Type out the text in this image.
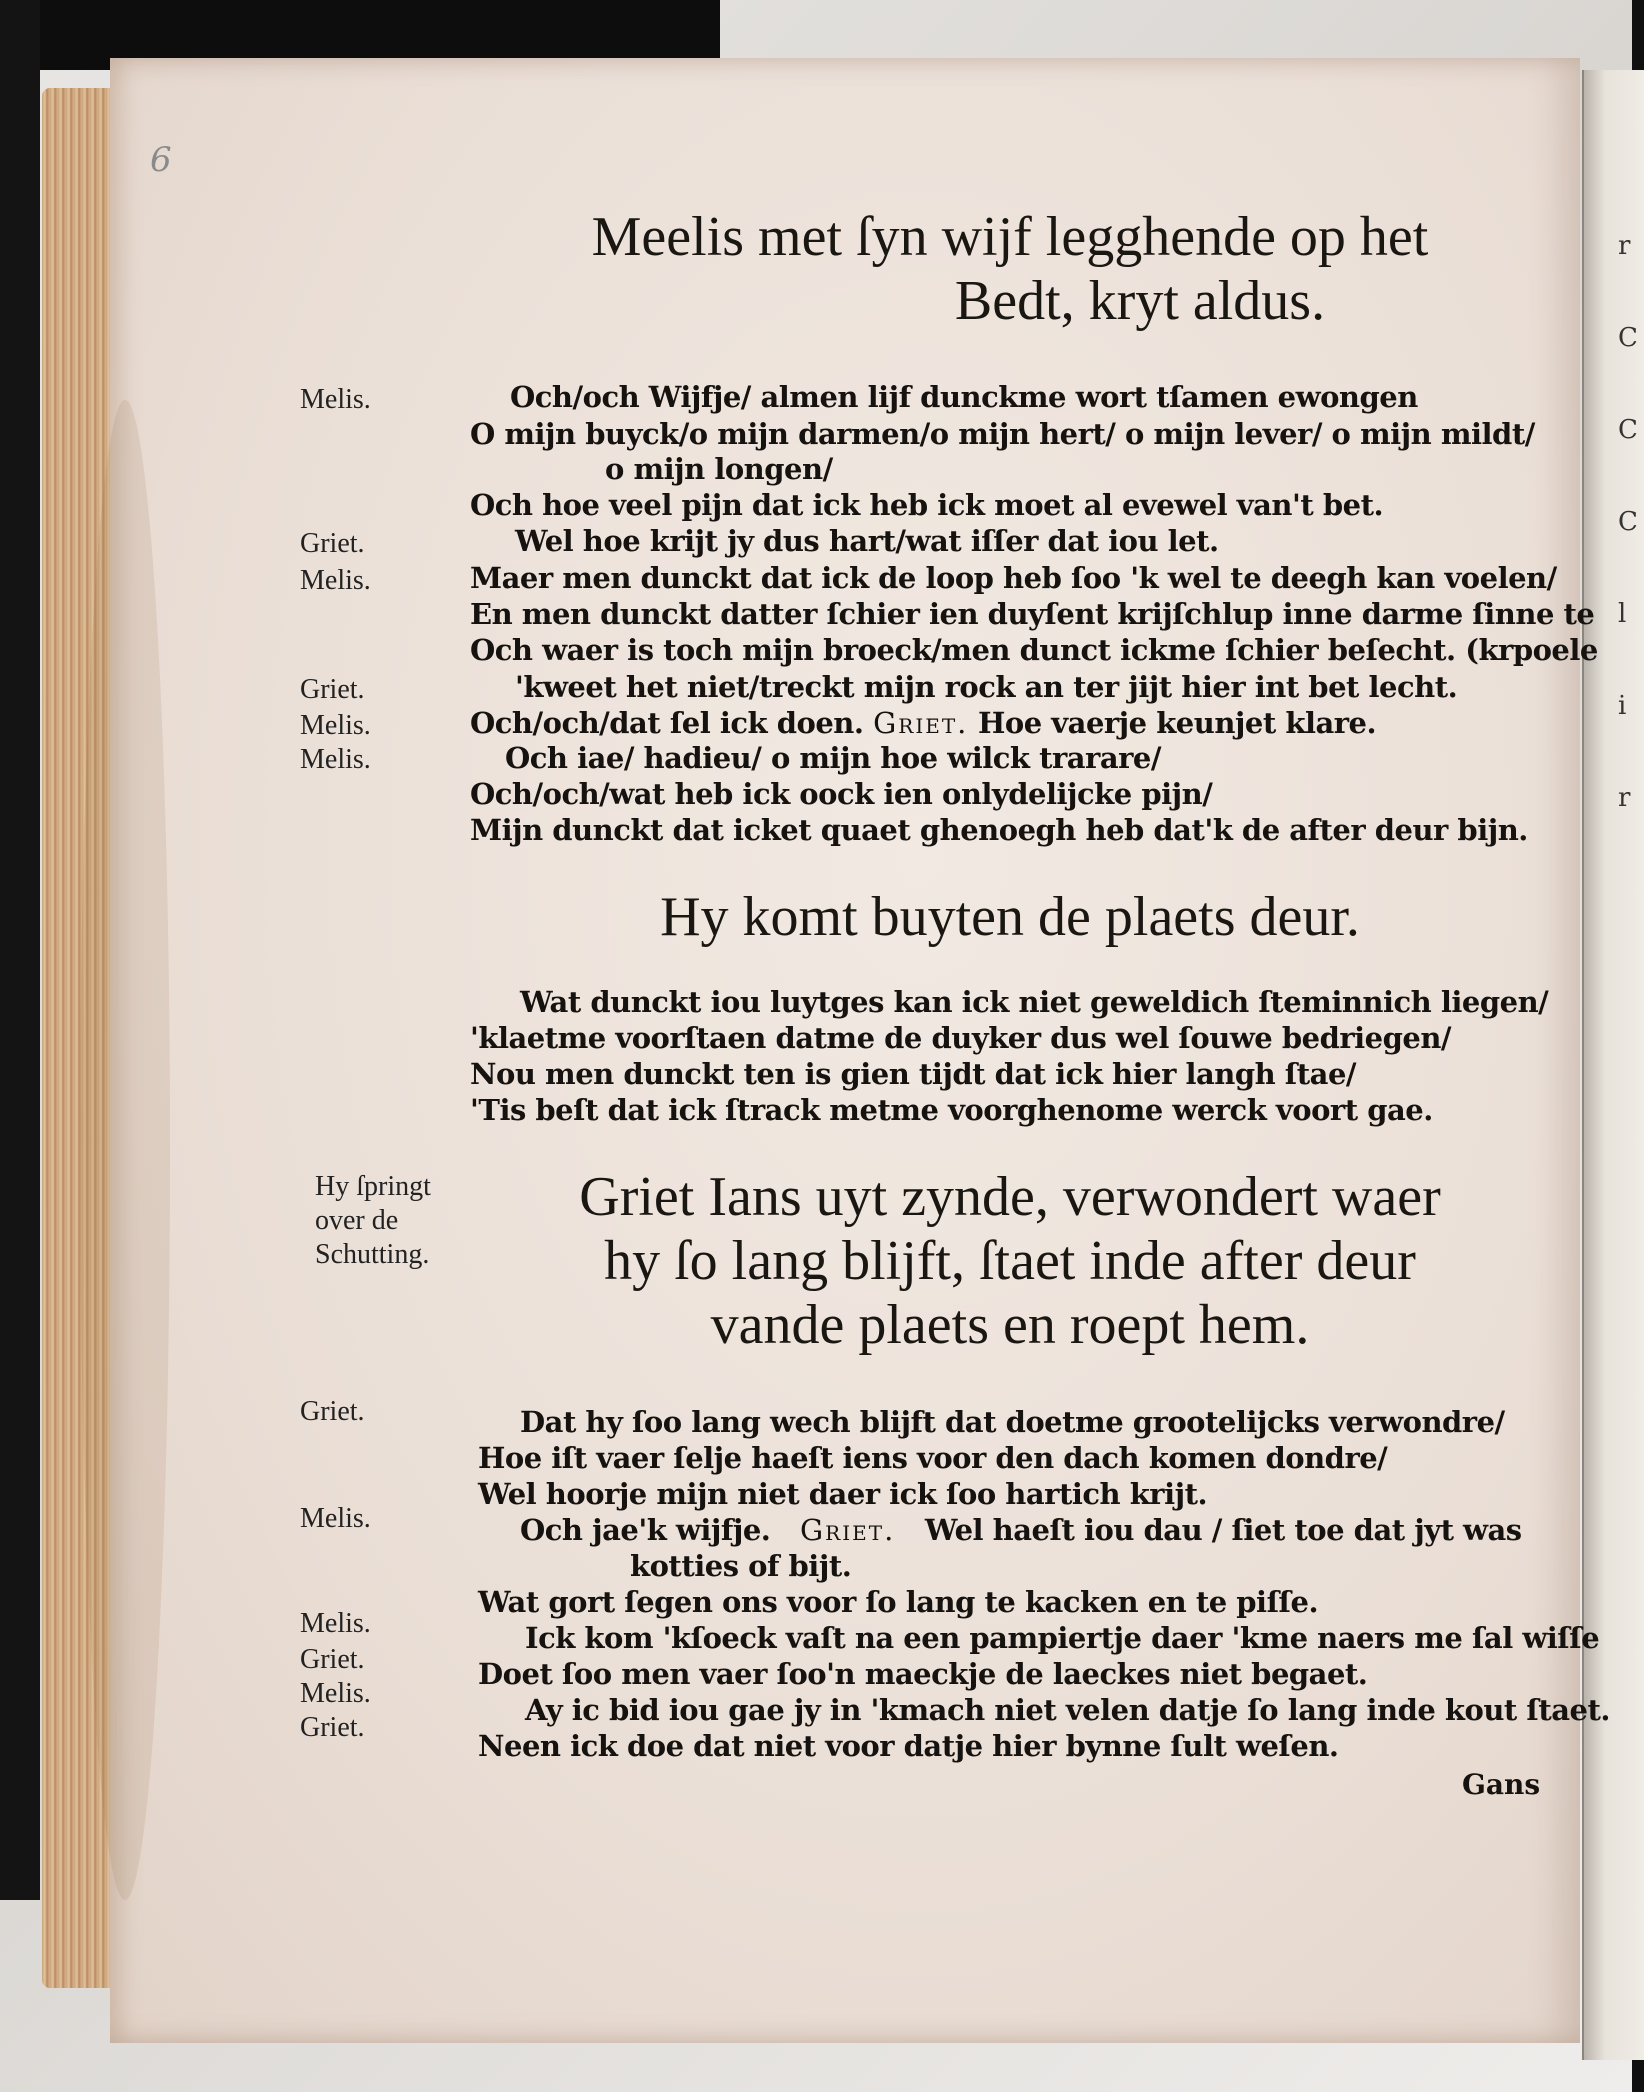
r
C
C
C
l
i
r
6
Meelis met ſyn wijf legghende op het
Bedt, kryt aldus.
Melis.	Och/och Wijfje/ almen lijf dunckme wort tſamen ewongen
O mijn buyck/o mijn darmen/o mijn hert/ o mijn lever/ o mijn mildt/
o mijn longen/
Och hoe veel pijn dat ick heb ick moet al evewel van't bet.
Griet.	Wel hoe krijt jy dus hart/wat iſſer dat iou let.
Melis.	Maer men dunckt dat ick de loop heb ſoo 'k wel te deegh kan voelen/
En men dunckt datter ſchier ien duyſent krijſchlup inne darme ſinne te
Och waer is toch mijn broeck/men dunct ickme ſchier beſecht. (krpoele
Griet.	'kweet het niet/treckt mijn rock an ter jijt hier int bet lecht.
Melis.	Och/och/dat ſel ick doen. Griet. Hoe vaerje keunjet klare.
Melis.	Och iae/ hadieu/ o mijn hoe wilck trarare/
Och/och/wat heb ick oock ien onlydelijcke pijn/
Mijn dunckt dat icket quaet ghenoegh heb dat'k de after deur bijn.
Hy komt buyten de plaets deur.
Wat dunckt iou luytges kan ick niet geweldich ſteminnich liegen/
'klaetme voorſtaen datme de duyker dus wel ſouwe bedriegen/
Nou men dunckt ten is gien tijdt dat ick hier langh ſtae/
'Tis beſt dat ick ſtrack metme voorghenome werck voort gae.
Hy ſpringt
over de
Schutting.
Griet Ians uyt zynde, verwondert waer
hy ſo lang blijft, ſtaet inde after deur
vande plaets en roept hem.
Griet.	Dat hy ſoo lang wech blijft dat doetme grootelijcks verwondre/
Hoe iſt vaer ſelje haeſt iens voor den dach komen dondre/
Wel hoorje mijn niet daer ick ſoo hartich krijt.
Melis.	Och jae'k wijfje. Griet. Wel haeſt iou dau / ſiet toe dat jyt was
kotties of bijt.
Wat gort ſegen ons voor ſo lang te kacken en te piſſe.
Melis.	Ick kom 'kſoeck vaſt na een pampiertje daer 'kme naers me ſal wiſſe
Griet.	Doet ſoo men vaer ſoo'n maeckje de laeckes niet begaet.
Melis.	Ay ic bid iou gae jy in 'kmach niet velen datje ſo lang inde kout ſtaet.
Griet.
Neen ick doe dat niet voor datje hier bynne ſult weſen.
Gans
